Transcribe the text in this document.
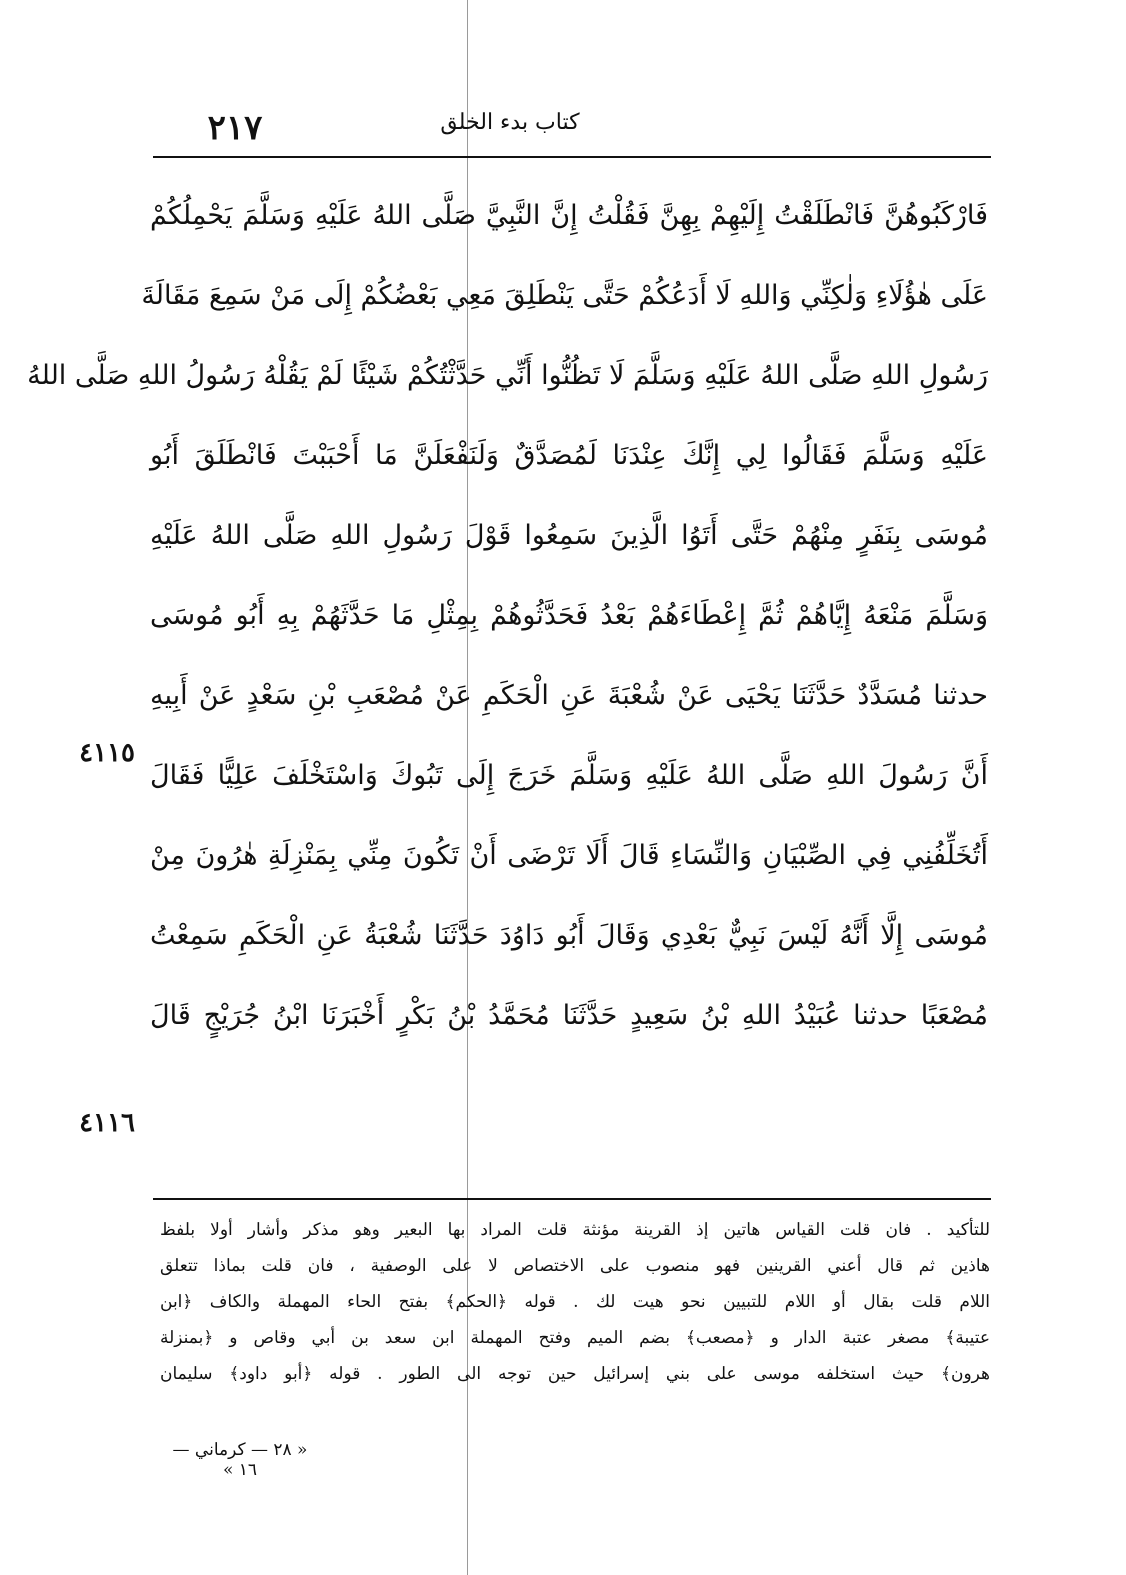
٢١٧	كتاب بدء الخلق
فَارْكَبُوهُنَّ فَانْطَلَقْتُ إِلَيْهِمْ بِهِنَّ فَقُلْتُ إِنَّ النَّبِيَّ صَلَّى اللهُ عَلَيْهِ وَسَلَّمَ يَحْمِلُكُمْ
عَلَى هٰؤُلَاءِ وَلٰكِنِّي وَاللهِ لَا أَدَعُكُمْ حَتَّى يَنْطَلِقَ مَعِي بَعْضُكُمْ إِلَى مَنْ سَمِعَ مَقَالَةَ
رَسُولِ اللهِ صَلَّى اللهُ عَلَيْهِ وَسَلَّمَ لَا تَظُنُّوا أَنِّي حَدَّثْتُكُمْ شَيْئًا لَمْ يَقُلْهُ رَسُولُ اللهِ صَلَّى اللهُ
عَلَيْهِ وَسَلَّمَ فَقَالُوا لِي إِنَّكَ عِنْدَنَا لَمُصَدَّقٌ وَلَنَفْعَلَنَّ مَا أَحْبَبْتَ فَانْطَلَقَ أَبُو
مُوسَى بِنَفَرٍ مِنْهُمْ حَتَّى أَتَوُا الَّذِينَ سَمِعُوا قَوْلَ رَسُولِ اللهِ صَلَّى اللهُ عَلَيْهِ
وَسَلَّمَ مَنْعَهُ إِيَّاهُمْ ثُمَّ إِعْطَاءَهُمْ بَعْدُ فَحَدَّثُوهُمْ بِمِثْلِ مَا حَدَّثَهُمْ بِهِ أَبُو مُوسَى
حدثنا مُسَدَّدٌ حَدَّثَنَا يَحْيَى عَنْ شُعْبَةَ عَنِ الْحَكَمِ عَنْ مُصْعَبِ بْنِ سَعْدٍ عَنْ أَبِيهِ
أَنَّ رَسُولَ اللهِ صَلَّى اللهُ عَلَيْهِ وَسَلَّمَ خَرَجَ إِلَى تَبُوكَ وَاسْتَخْلَفَ عَلِيًّا فَقَالَ
أَتُخَلِّفُنِي فِي الصِّبْيَانِ وَالنِّسَاءِ قَالَ أَلَا تَرْضَى أَنْ تَكُونَ مِنِّي بِمَنْزِلَةِ هٰرُونَ مِنْ
مُوسَى إِلَّا أَنَّهُ لَيْسَ نَبِيٌّ بَعْدِي وَقَالَ أَبُو دَاوُدَ حَدَّثَنَا شُعْبَةُ عَنِ الْحَكَمِ سَمِعْتُ
مُصْعَبًا حدثنا عُبَيْدُ اللهِ بْنُ سَعِيدٍ حَدَّثَنَا مُحَمَّدُ بْنُ بَكْرٍ أَخْبَرَنَا ابْنُ جُرَيْجٍ قَالَ
٤١١٥
٤١١٦
للتأكيد . فان قلت القياس هاتين إذ القرينة مؤنثة قلت المراد بها البعير وهو مذكر وأشار أولا بلفظ
هاذين ثم قال أعني القرينين فهو منصوب على الاختصاص لا على الوصفية ، فان قلت بماذا تتعلق
اللام قلت بقال أو اللام للتبيين نحو هيت لك . قوله ﴿الحكم﴾ بفتح الحاء المهملة والكاف ﴿ابن
عتيبة﴾ مصغر عتبة الدار و ﴿مصعب﴾ بضم الميم وفتح المهملة ابن سعد بن أبي وقاص و ﴿بمنزلة
هرون﴾ حيث استخلفه موسى على بني إسرائيل حين توجه الى الطور . قوله ﴿أبو داود﴾ سليمان
« ٢٨ — كرماني — ١٦ »
